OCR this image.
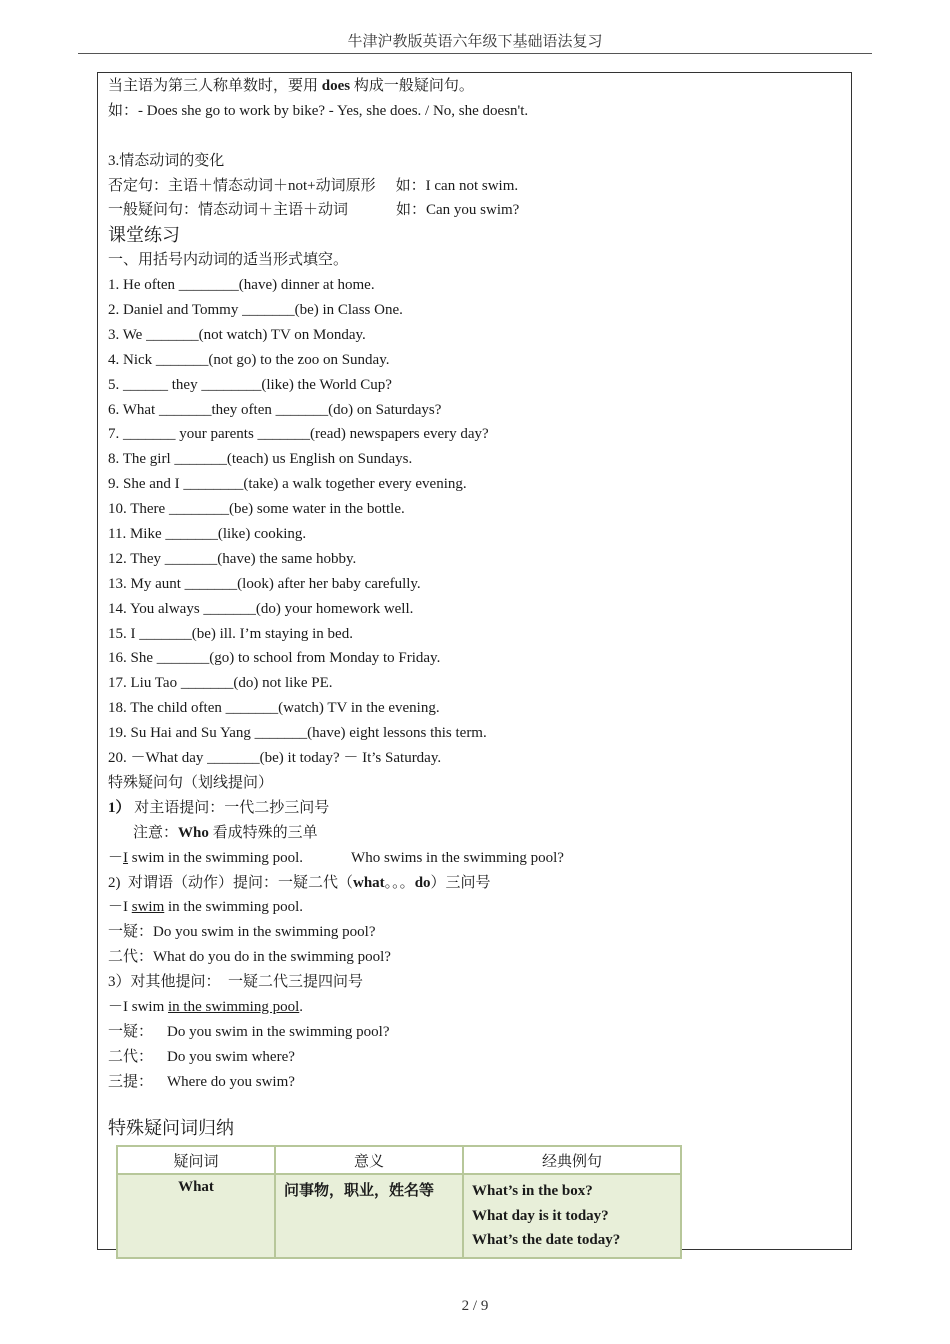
牛津沪教版英语六年级下基础语法复习
当主语为第三人称单数时，要用 does 构成一般疑问句。
如：- Does she go to work by bike? - Yes, she does. / No, she doesn't.
3.情态动词的变化
否定句：主语＋情态动词＋not+动词原形 如：I can not swim.
一般疑问句：情态动词＋主语＋动词	如：Can you swim?
课堂练习
一、用括号内动词的适当形式填空。
1. He often ________(have) dinner at home.
2. Daniel and Tommy _______(be) in Class One.
3. We _______(not watch) TV on Monday.
4. Nick _______(not go) to the zoo on Sunday.
5. ______ they ________(like) the World Cup?
6. What _______they often _______(do) on Saturdays?
7. _______ your parents _______(read) newspapers every day?
8. The girl _______(teach) us English on Sundays.
9. She and I ________(take) a walk together every evening.
10. There ________(be) some water in the bottle.
11. Mike _______(like) cooking.
12. They _______(have) the same hobby.
13. My aunt _______(look) after her baby carefully.
14. You always _______(do) your homework well.
15. I _______(be) ill. I’m staying in bed.
16. She _______(go) to school from Monday to Friday.
17. Liu Tao _______(do) not like PE.
18. The child often _______(watch) TV in the evening.
19. Su Hai and Su Yang _______(have) eight lessons this term.
20. －What day _______(be) it today? － It’s Saturday.
特殊疑问句（划线提问）
1） 对主语提问：一代二抄三问号
注意：Who 看成特殊的三单
－I swim in the swimming pool.	Who swims in the swimming pool?
2)  对谓语（动作）提问：一疑二代（what。。。do）三问号
－I swim in the swimming pool.
一疑：Do you swim in the swimming pool?
二代：What do you do in the swimming pool?
3）对其他提问：  一疑二代三提四问号
－I swim in the swimming pool.
一疑： Do you swim in the swimming pool?
二代： Do you swim where?
三提： Where do you swim?
特殊疑问词归纳
疑问词	意义	经典例句
What	问事物，职业，姓名等	What’s in the box?
What day is it today?
What’s the date today?
2 / 9
